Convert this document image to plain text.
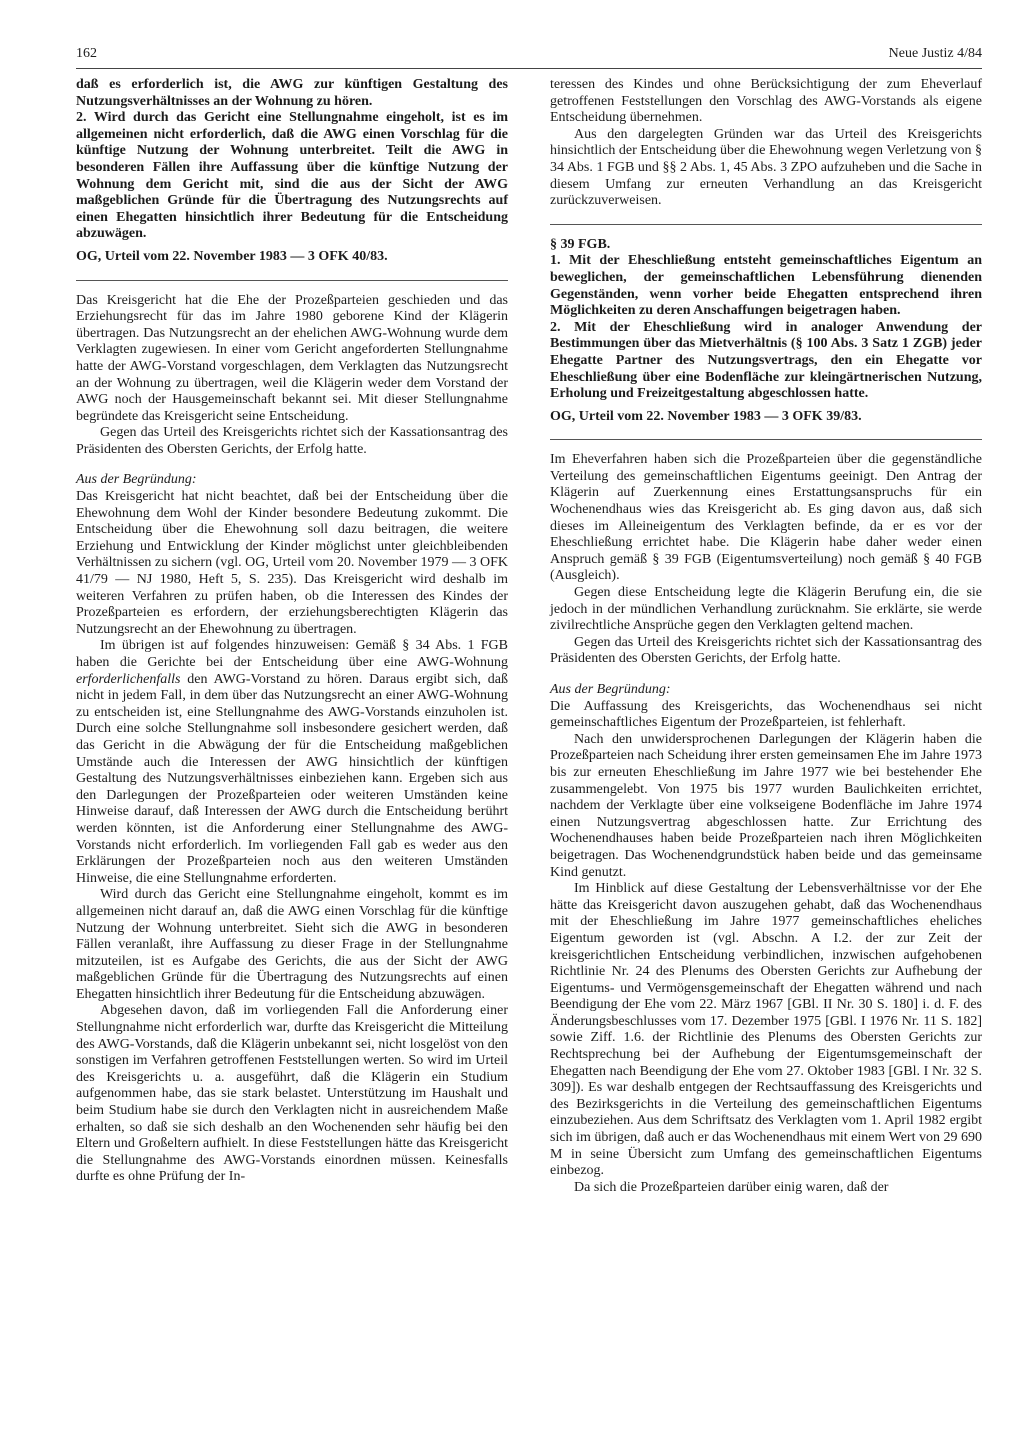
162	Neue Justiz 4/84

daß es erforderlich ist, die AWG zur künftigen Gestaltung des Nutzungsverhältnisses an der Wohnung zu hören.

2. Wird durch das Gericht eine Stellungnahme eingeholt, ist es im allgemeinen nicht erforderlich, daß die AWG einen Vorschlag für die künftige Nutzung der Wohnung unterbreitet. Teilt die AWG in besonderen Fällen ihre Auffassung über die künftige Nutzung der Wohnung dem Gericht mit, sind die aus der Sicht der AWG maßgeblichen Gründe für die Übertragung des Nutzungsrechts auf einen Ehegatten hinsichtlich ihrer Bedeutung für die Entscheidung abzuwägen.

OG, Urteil vom 22. November 1983 — 3 OFK 40/83.

Das Kreisgericht hat die Ehe der Prozeßparteien geschieden und das Erziehungsrecht für das im Jahre 1980 geborene Kind der Klägerin übertragen. Das Nutzungsrecht an der ehelichen AWG-Wohnung wurde dem Verklagten zugewiesen. In einer vom Gericht angeforderten Stellungnahme hatte der AWG-Vorstand vorgeschlagen, dem Verklagten das Nutzungsrecht an der Wohnung zu übertragen, weil die Klägerin weder dem Vorstand der AWG noch der Hausgemeinschaft bekannt sei. Mit dieser Stellungnahme begründete das Kreisgericht seine Entscheidung.

Gegen das Urteil des Kreisgerichts richtet sich der Kassationsantrag des Präsidenten des Obersten Gerichts, der Erfolg hatte.

Aus der Begründung:

Das Kreisgericht hat nicht beachtet, daß bei der Entscheidung über die Ehewohnung dem Wohl der Kinder besondere Bedeutung zukommt. Die Entscheidung über die Ehewohnung soll dazu beitragen, die weitere Erziehung und Entwicklung der Kinder möglichst unter gleichbleibenden Verhältnissen zu sichern (vgl. OG, Urteil vom 20. November 1979 — 3 OFK 41/79 — NJ 1980, Heft 5, S. 235). Das Kreisgericht wird deshalb im weiteren Verfahren zu prüfen haben, ob die Interessen des Kindes der Prozeßparteien es erfordern, der erziehungsberechtigten Klägerin das Nutzungsrecht an der Ehewohnung zu übertragen.

Im übrigen ist auf folgendes hinzuweisen: Gemäß § 34 Abs. 1 FGB haben die Gerichte bei der Entscheidung über eine AWG-Wohnung erforderlichenfalls den AWG-Vorstand zu hören. Daraus ergibt sich, daß nicht in jedem Fall, in dem über das Nutzungsrecht an einer AWG-Wohnung zu entscheiden ist, eine Stellungnahme des AWG-Vorstands einzuholen ist. Durch eine solche Stellungnahme soll insbesondere gesichert werden, daß das Gericht in die Abwägung der für die Entscheidung maßgeblichen Umstände auch die Interessen der AWG hinsichtlich der künftigen Gestaltung des Nutzungsverhältnisses einbeziehen kann. Ergeben sich aus den Darlegungen der Prozeßparteien oder weiteren Umständen keine Hinweise darauf, daß Interessen der AWG durch die Entscheidung berührt werden könnten, ist die Anforderung einer Stellungnahme des AWG-Vorstands nicht erforderlich. Im vorliegenden Fall gab es weder aus den Erklärungen der Prozeßparteien noch aus den weiteren Umständen Hinweise, die eine Stellungnahme erforderten.

Wird durch das Gericht eine Stellungnahme eingeholt, kommt es im allgemeinen nicht darauf an, daß die AWG einen Vorschlag für die künftige Nutzung der Wohnung unterbreitet. Sieht sich die AWG in besonderen Fällen veranlaßt, ihre Auffassung zu dieser Frage in der Stellungnahme mitzuteilen, ist es Aufgabe des Gerichts, die aus der Sicht der AWG maßgeblichen Gründe für die Übertragung des Nutzungsrechts auf einen Ehegatten hinsichtlich ihrer Bedeutung für die Entscheidung abzuwägen.

Abgesehen davon, daß im vorliegenden Fall die Anforderung einer Stellungnahme nicht erforderlich war, durfte das Kreisgericht die Mitteilung des AWG-Vorstands, daß die Klägerin unbekannt sei, nicht losgelöst von den sonstigen im Verfahren getroffenen Feststellungen werten. So wird im Urteil des Kreisgerichts u. a. ausgeführt, daß die Klägerin ein Studium aufgenommen habe, das sie stark belastet. Unterstützung im Haushalt und beim Studium habe sie durch den Verklagten nicht in ausreichendem Maße erhalten, so daß sie sich deshalb an den Wochenenden sehr häufig bei den Eltern und Großeltern aufhielt. In diese Feststellungen hätte das Kreisgericht die Stellungnahme des AWG-Vorstands einordnen müssen. Keinesfalls durfte es ohne Prüfung der In-

teressen des Kindes und ohne Berücksichtigung der zum Eheverlauf getroffenen Feststellungen den Vorschlag des AWG-Vorstands als eigene Entscheidung übernehmen.

Aus den dargelegten Gründen war das Urteil des Kreisgerichts hinsichtlich der Entscheidung über die Ehewohnung wegen Verletzung von § 34 Abs. 1 FGB und §§ 2 Abs. 1, 45 Abs. 3 ZPO aufzuheben und die Sache in diesem Umfang zur erneuten Verhandlung an das Kreisgericht zurückzuverweisen.

§ 39 FGB.

1. Mit der Eheschließung entsteht gemeinschaftliches Eigentum an beweglichen, der gemeinschaftlichen Lebensführung dienenden Gegenständen, wenn vorher beide Ehegatten entsprechend ihren Möglichkeiten zu deren Anschaffungen beigetragen haben.

2. Mit der Eheschließung wird in analoger Anwendung der Bestimmungen über das Mietverhältnis (§ 100 Abs. 3 Satz 1 ZGB) jeder Ehegatte Partner des Nutzungsvertrags, den ein Ehegatte vor Eheschließung über eine Bodenfläche zur kleingärtnerischen Nutzung, Erholung und Freizeitgestaltung abgeschlossen hatte.

OG, Urteil vom 22. November 1983 — 3 OFK 39/83.

Im Eheverfahren haben sich die Prozeßparteien über die gegenständliche Verteilung des gemeinschaftlichen Eigentums geeinigt. Den Antrag der Klägerin auf Zuerkennung eines Erstattungsanspruchs für ein Wochenendhaus wies das Kreisgericht ab. Es ging davon aus, daß sich dieses im Alleineigentum des Verklagten befinde, da er es vor der Eheschließung errichtet habe. Die Klägerin habe daher weder einen Anspruch gemäß § 39 FGB (Eigentumsverteilung) noch gemäß § 40 FGB (Ausgleich).

Gegen diese Entscheidung legte die Klägerin Berufung ein, die sie jedoch in der mündlichen Verhandlung zurücknahm. Sie erklärte, sie werde zivilrechtliche Ansprüche gegen den Verklagten geltend machen.

Gegen das Urteil des Kreisgerichts richtet sich der Kassationsantrag des Präsidenten des Obersten Gerichts, der Erfolg hatte.

Aus der Begründung:

Die Auffassung des Kreisgerichts, das Wochenendhaus sei nicht gemeinschaftliches Eigentum der Prozeßparteien, ist fehlerhaft.

Nach den unwidersprochenen Darlegungen der Klägerin haben die Prozeßparteien nach Scheidung ihrer ersten gemeinsamen Ehe im Jahre 1973 bis zur erneuten Eheschließung im Jahre 1977 wie bei bestehender Ehe zusammengelebt. Von 1975 bis 1977 wurden Baulichkeiten errichtet, nachdem der Verklagte über eine volkseigene Bodenfläche im Jahre 1974 einen Nutzungsvertrag abgeschlossen hatte. Zur Errichtung des Wochenendhauses haben beide Prozeßparteien nach ihren Möglichkeiten beigetragen. Das Wochenendgrundstück haben beide und das gemeinsame Kind genutzt.

Im Hinblick auf diese Gestaltung der Lebensverhältnisse vor der Ehe hätte das Kreisgericht davon auszugehen gehabt, daß das Wochenendhaus mit der Eheschließung im Jahre 1977 gemeinschaftliches eheliches Eigentum geworden ist (vgl. Abschn. A I.2. der zur Zeit der kreisgerichtlichen Entscheidung verbindlichen, inzwischen aufgehobenen Richtlinie Nr. 24 des Plenums des Obersten Gerichts zur Aufhebung der Eigentums- und Vermögensgemeinschaft der Ehegatten während und nach Beendigung der Ehe vom 22. März 1967 [GBl. II Nr. 30 S. 180] i. d. F. des Änderungsbeschlusses vom 17. Dezember 1975 [GBl. I 1976 Nr. 11 S. 182] sowie Ziff. 1.6. der Richtlinie des Plenums des Obersten Gerichts zur Rechtsprechung bei der Aufhebung der Eigentumsgemeinschaft der Ehegatten nach Beendigung der Ehe vom 27. Oktober 1983 [GBl. I Nr. 32 S. 309]). Es war deshalb entgegen der Rechtsauffassung des Kreisgerichts und des Bezirksgerichts in die Verteilung des gemeinschaftlichen Eigentums einzubeziehen. Aus dem Schriftsatz des Verklagten vom 1. April 1982 ergibt sich im übrigen, daß auch er das Wochenendhaus mit einem Wert von 29 690 M in seine Übersicht zum Umfang des gemeinschaftlichen Eigentums einbezog.

Da sich die Prozeßparteien darüber einig waren, daß der
